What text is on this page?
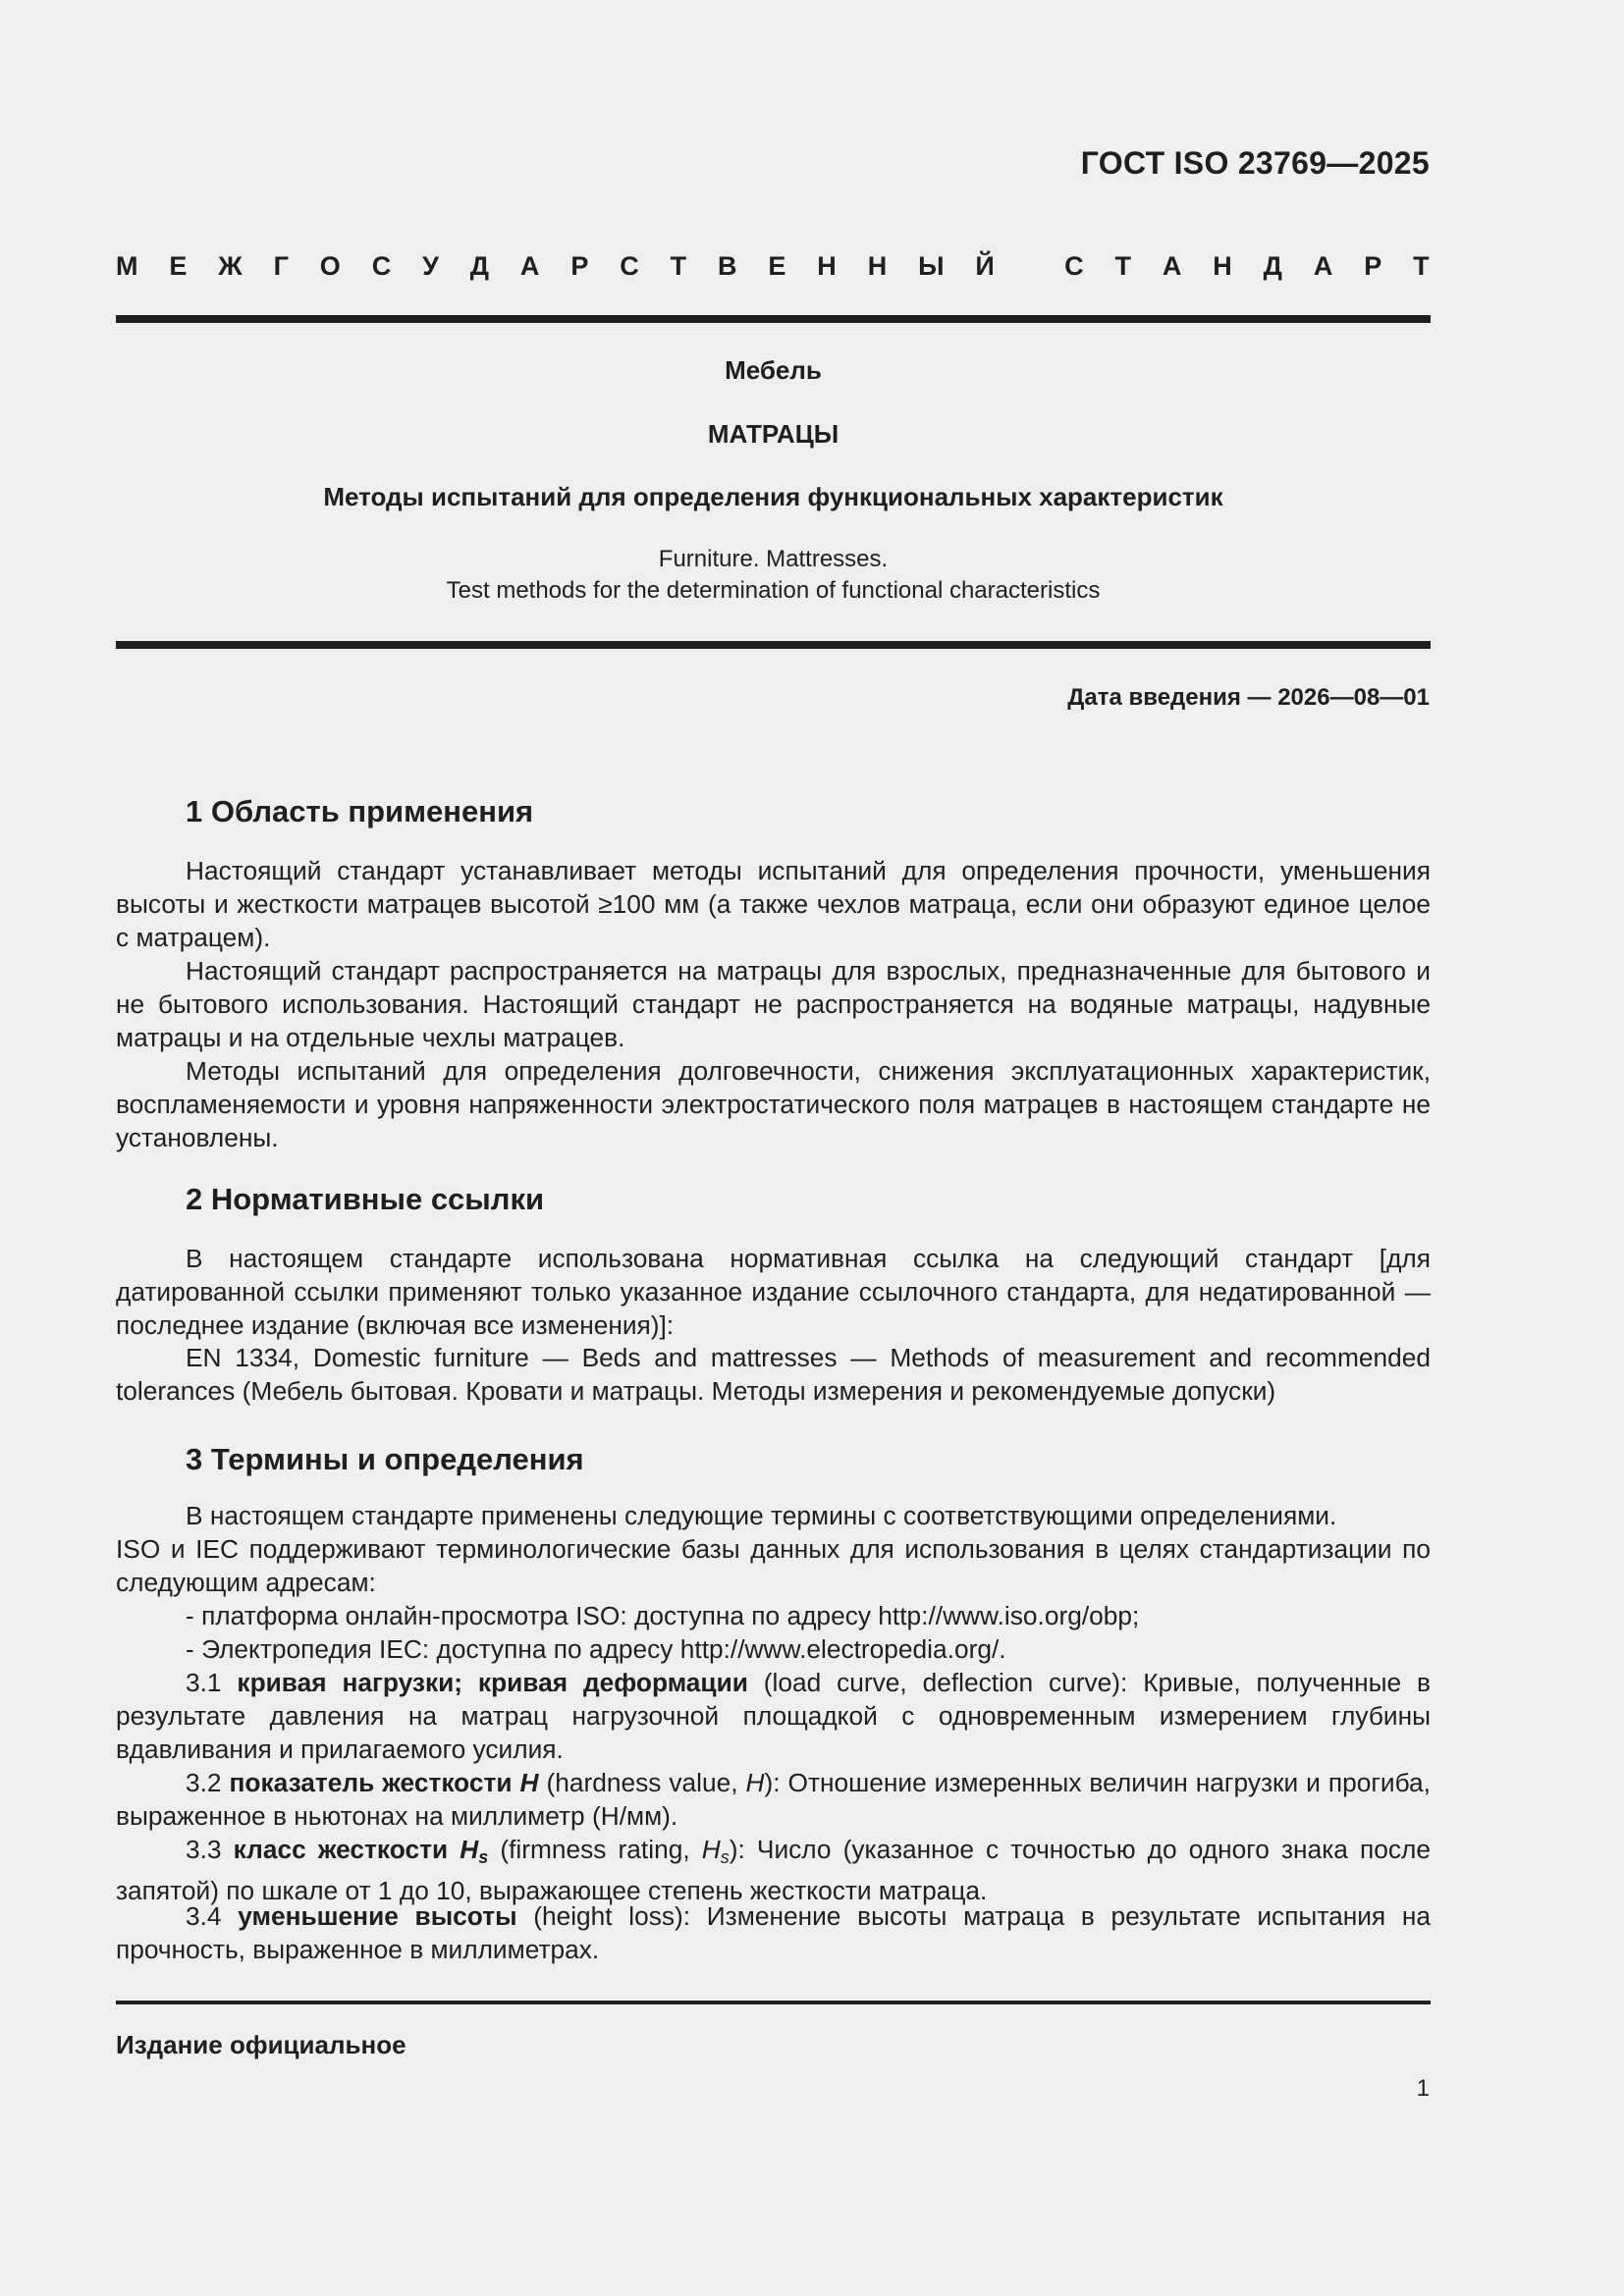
ГОСТ ISO 23769—2025
М Е Ж Г О С У Д А Р С Т В Е Н Н Ы Й
	С Т А Н Д А Р Т
Мебель
МАТРАЦЫ
Методы испытаний для определения функциональных характеристик
Furniture. Mattresses.
Test methods for the determination of functional characteristics
Дата введения — 2026—08—01
1 Область применения

Настоящий стандарт устанавливает методы испытаний для определения прочности, уменьшения высоты и жесткости матрацев высотой ≥100 мм (а также чехлов матраца, если они образуют единое целое с матрацем).

Настоящий стандарт распространяется на матрацы для взрослых, предназначенные для бытового и не бытового использования. Настоящий стандарт не распространяется на водяные матрацы, надувные матрацы и на отдельные чехлы матрацев.

Методы испытаний для определения долговечности, снижения эксплуатационных характеристик, воспламеняемости и уровня напряженности электростатического поля матрацев в настоящем стандарте не установлены.

2 Нормативные ссылки

В настоящем стандарте использована нормативная ссылка на следующий стандарт [для датированной ссылки применяют только указанное издание ссылочного стандарта, для недатированной — последнее издание (включая все изменения)]:

EN 1334, Domestic furniture — Beds and mattresses — Methods of measurement and recommended tolerances (Мебель бытовая. Кровати и матрацы. Методы измерения и рекомендуемые допуски)

3 Термины и определения

В настоящем стандарте применены следующие термины с соответствующими определениями.

ISO и IEC поддерживают терминологические базы данных для использования в целях стандартизации по следующим адресам:

- платформа онлайн-просмотра ISO: доступна по адресу http://www.iso.org/obp;
- Электропедия IEC: доступна по адресу http://www.electropedia.org/.

3.1 кривая нагрузки; кривая деформации (load curve, deflection curve): Кривые, полученные в результате давления на матрац нагрузочной площадкой с одновременным измерением глубины вдавливания и прилагаемого усилия.

3.2 показатель жесткости H (hardness value, H): Отношение измеренных величин нагрузки и прогиба, выраженное в ньютонах на миллиметр (Н/мм).

3.3 класс жесткости $H_s$ (firmness rating, $H_s$): Число (указанное с точностью до одного знака после запятой) по шкале от 1 до 10, выражающее степень жесткости матраца.

3.4 уменьшение высоты (height loss): Изменение высоты матраца в результате испытания на прочность, выраженное в миллиметрах.

Издание официальное
1
